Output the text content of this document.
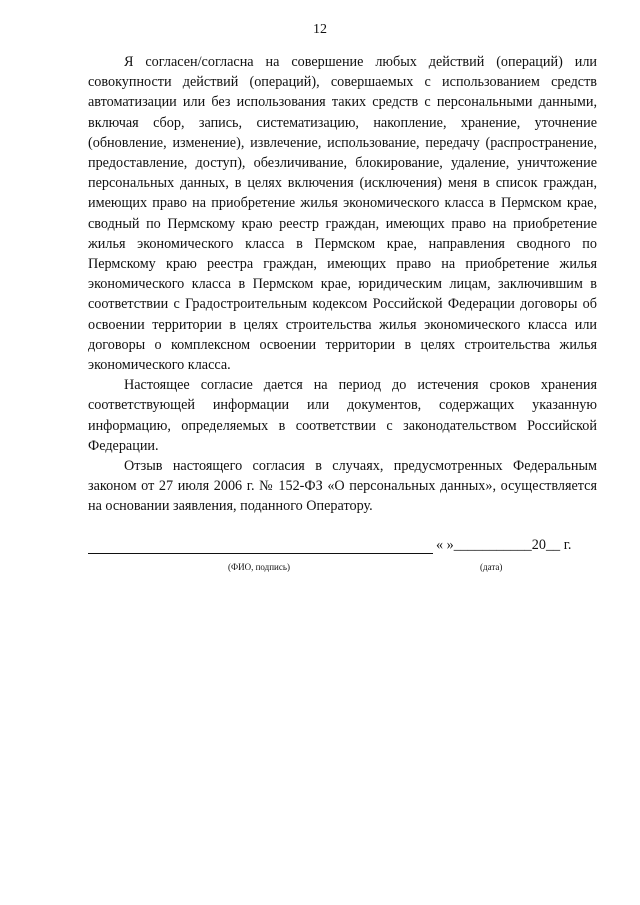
12

Я согласен/согласна на совершение любых действий (операций) или совокупности действий (операций), совершаемых с использованием средств автоматизации или без использования таких средств с персональными данными, включая сбор, запись, систематизацию, накопление, хранение, уточнение (обновление, изменение), извлечение, использование, передачу (распространение, предоставление, доступ), обезличивание, блокирование, удаление, уничтожение персональных данных, в целях включения (исключения) меня в список граждан, имеющих право на приобретение жилья экономического класса в Пермском крае, сводный по Пермскому краю реестр граждан, имеющих право на приобретение жилья экономического класса в Пермском крае, направления сводного по Пермскому краю реестра граждан, имеющих право на приобретение жилья экономического класса в Пермском крае, юридическим лицам, заключившим в соответствии с Градостроительным кодексом Российской Федерации договоры об освоении территории в целях строительства жилья экономического класса или договоры о комплексном освоении территории в целях строительства жилья экономического класса.

Настоящее согласие дается на период до истечения сроков хранения соответствующей информации или документов, содержащих указанную информацию, определяемых в соответствии с законодательством Российской Федерации.

Отзыв настоящего согласия в случаях, предусмотренных Федеральным законом от 27 июля 2006 г. № 152-ФЗ «О персональных данных», осуществляется на основании заявления, поданного Оператору.

« »___________20__ г.
(ФИО, подпись)	(дата)
